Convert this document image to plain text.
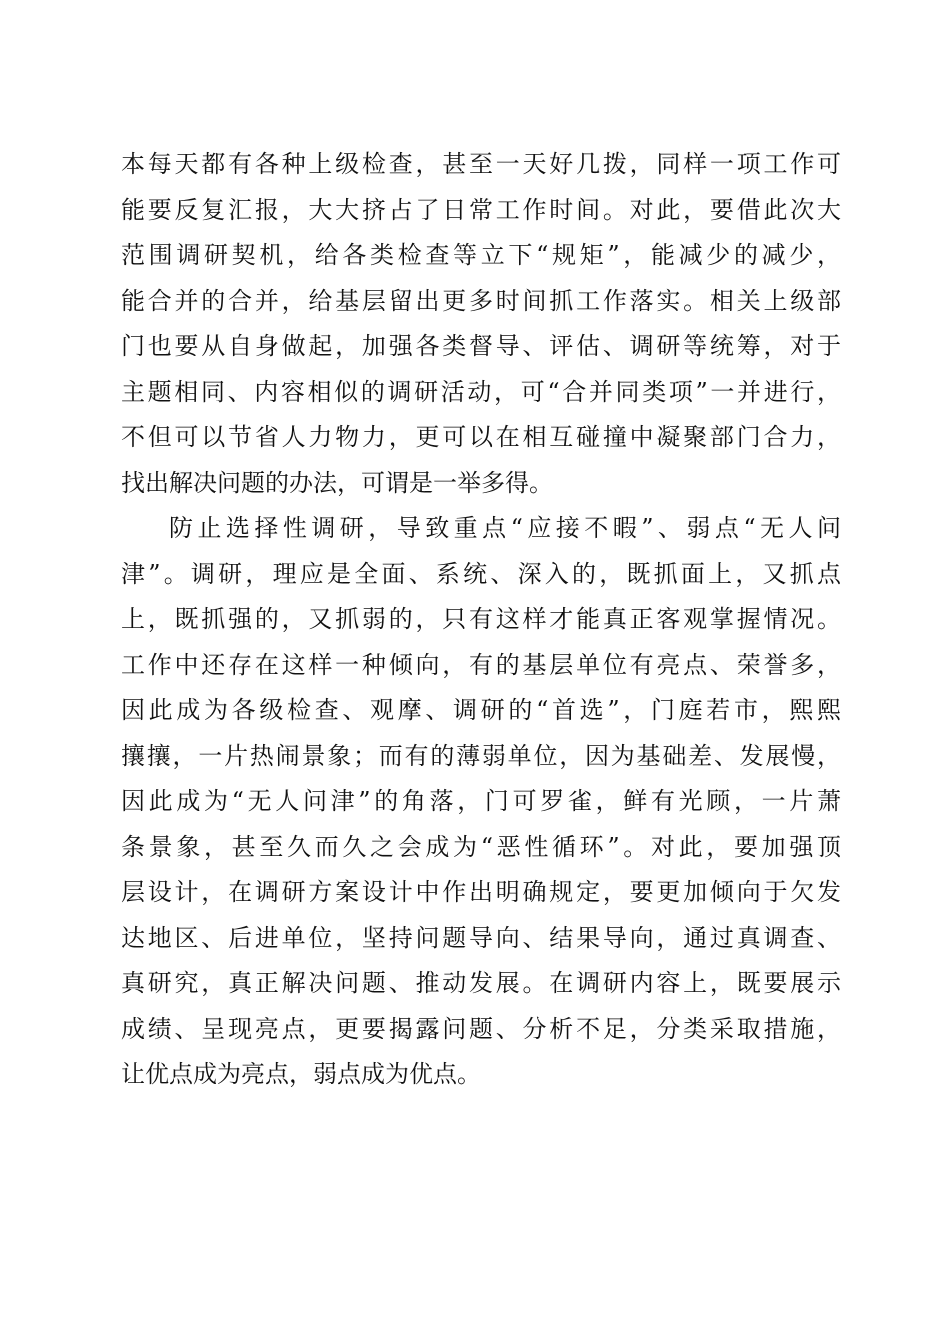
本每天都有各种上级检查，甚至一天好几拨，同样一项工作可
能要反复汇报，大大挤占了日常工作时间。对此，要借此次大
范围调研契机，给各类检查等立下“规矩”，能减少的减少，
能合并的合并，给基层留出更多时间抓工作落实。相关上级部
门也要从自身做起，加强各类督导、评估、调研等统筹，对于
主题相同、内容相似的调研活动，可“合并同类项”一并进行，
不但可以节省人力物力，更可以在相互碰撞中凝聚部门合力，
找出解决问题的办法，可谓是一举多得。
防止选择性调研，导致重点“应接不暇”、弱点“无人问
津”。调研，理应是全面、系统、深入的，既抓面上，又抓点
上，既抓强的，又抓弱的，只有这样才能真正客观掌握情况。
工作中还存在这样一种倾向，有的基层单位有亮点、荣誉多，
因此成为各级检查、观摩、调研的“首选”，门庭若市，熙熙
攘攘，一片热闹景象；而有的薄弱单位，因为基础差、发展慢，
因此成为“无人问津”的角落，门可罗雀，鲜有光顾，一片萧
条景象，甚至久而久之会成为“恶性循环”。对此，要加强顶
层设计，在调研方案设计中作出明确规定，要更加倾向于欠发
达地区、后进单位，坚持问题导向、结果导向，通过真调查、
真研究，真正解决问题、推动发展。在调研内容上，既要展示
成绩、呈现亮点，更要揭露问题、分析不足，分类采取措施，
让优点成为亮点，弱点成为优点。
